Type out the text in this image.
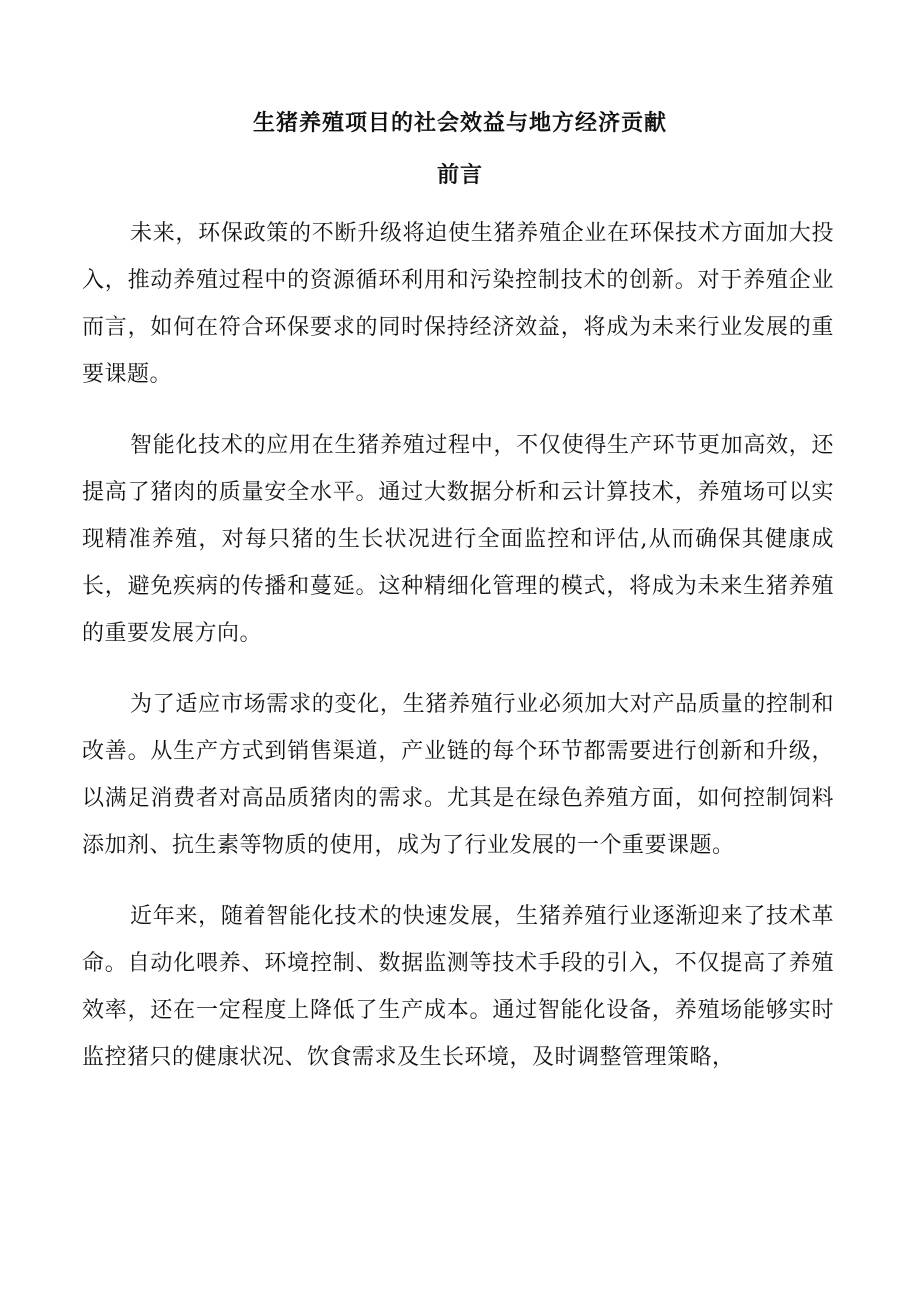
生猪养殖项目的社会效益与地方经济贡献
前言

未来，环保政策的不断升级将迫使生猪养殖企业在环保技术方面加大投入，推动养殖过程中的资源循环利用和污染控制技术的创新。对于养殖企业而言，如何在符合环保要求的同时保持经济效益，将成为未来行业发展的重要课题。

智能化技术的应用在生猪养殖过程中，不仅使得生产环节更加高效，还提高了猪肉的质量安全水平。通过大数据分析和云计算技术，养殖场可以实现精准养殖，对每只猪的生长状况进行全面监控和评估,从而确保其健康成长，避免疾病的传播和蔓延。这种精细化管理的模式，将成为未来生猪养殖的重要发展方向。

为了适应市场需求的变化，生猪养殖行业必须加大对产品质量的控制和改善。从生产方式到销售渠道，产业链的每个环节都需要进行创新和升级，以满足消费者对高品质猪肉的需求。尤其是在绿色养殖方面，如何控制饲料添加剂、抗生素等物质的使用，成为了行业发展的一个重要课题。

近年来，随着智能化技术的快速发展，生猪养殖行业逐渐迎来了技术革命。自动化喂养、环境控制、数据监测等技术手段的引入，不仅提高了养殖效率，还在一定程度上降低了生产成本。通过智能化设备，养殖场能够实时监控猪只的健康状况、饮食需求及生长环境，及时调整管理策略，
